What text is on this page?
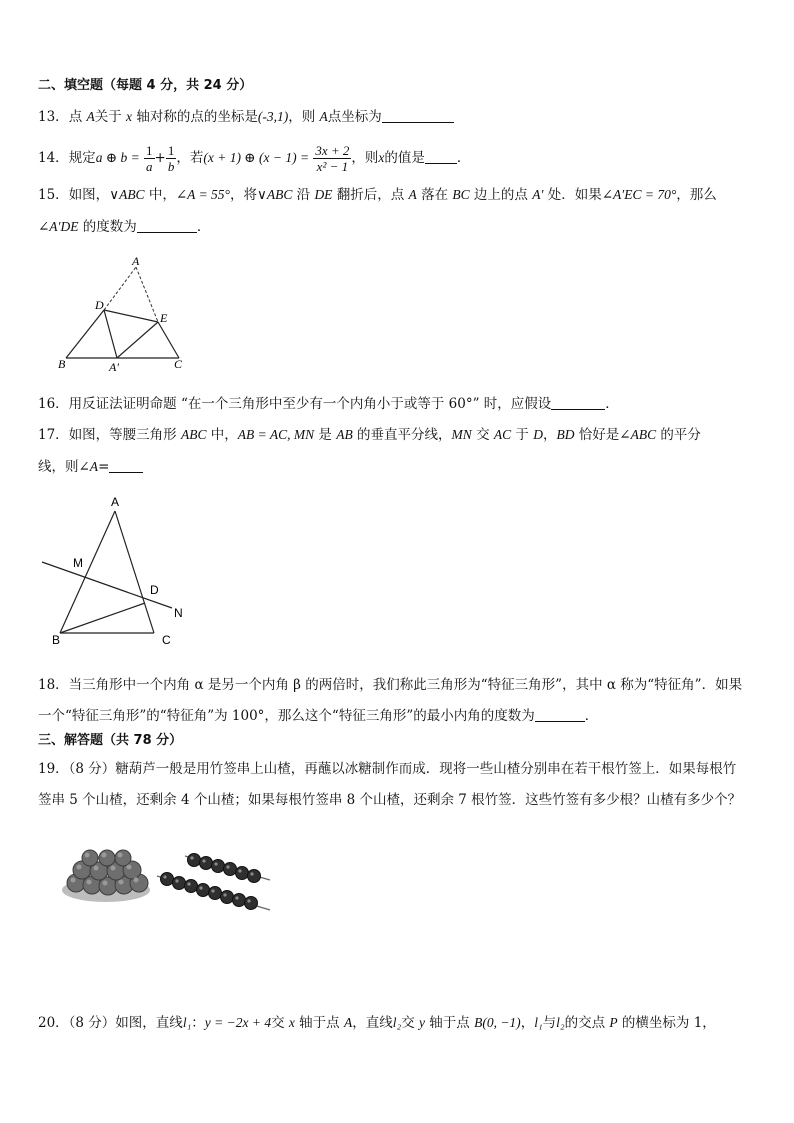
二、填空题（每题 4 分，共 24 分）
13．点 A关于 x 轴对称的点的坐标是(-3,1)，则 A点坐标为
14．规定a ⊕ $b = \frac{1}{a} + \frac{1}{b}$ ，若(x + 1) ⊕ $(x - 1) = \frac{3x + 2}{\text{x² − 1}}$ ，则x的值是 ．
15．如图，∨ABC 中，∠A = 55°，将∨ABC 沿 DE 翻折后，点 A 落在 BC 边上的点 A′ 处．如果∠A′EC = 70°，那么
∠A′DE 的度数为	．
A
D
E
B	A′	C
16．用反证法证明命题 “在一个三角形中至少有一个内角小于或等于 60°” 时，应假设	．
17．如图，等腰三角形 ABC 中，AB = AC, MN 是 AB 的垂直平分线，MN 交 AC 于 D，BD 恰好是∠ABC 的平分
线，则∠A=
A
M
D
N
B	C
18．当三角形中一个内角 α 是另一个内角 β 的两倍时，我们称此三角形为“特征三角形”，其中 α 称为“特征角”．如果
一个“特征三角形”的“特征角”为 100°，那么这个“特征三角形”的最小内角的度数为	．
三、解答题（共 78 分）
19．（8 分）糖葫芦一般是用竹签串上山楂，再蘸以冰糖制作而成．现将一些山楂分别串在若干根竹签上．如果每根竹
签串 5 个山楂，还剩余 4 个山楂；如果每根竹签串 8 个山楂，还剩余 7 根竹签．这些竹签有多少根？山楂有多少个？
20．（8 分）如图，直线l₁：y = −2x + 4交 x 轴于点 A，直线l₂交 y 轴于点 B(0, −1)，l₁与l₂的交点 P 的横坐标为 1，
